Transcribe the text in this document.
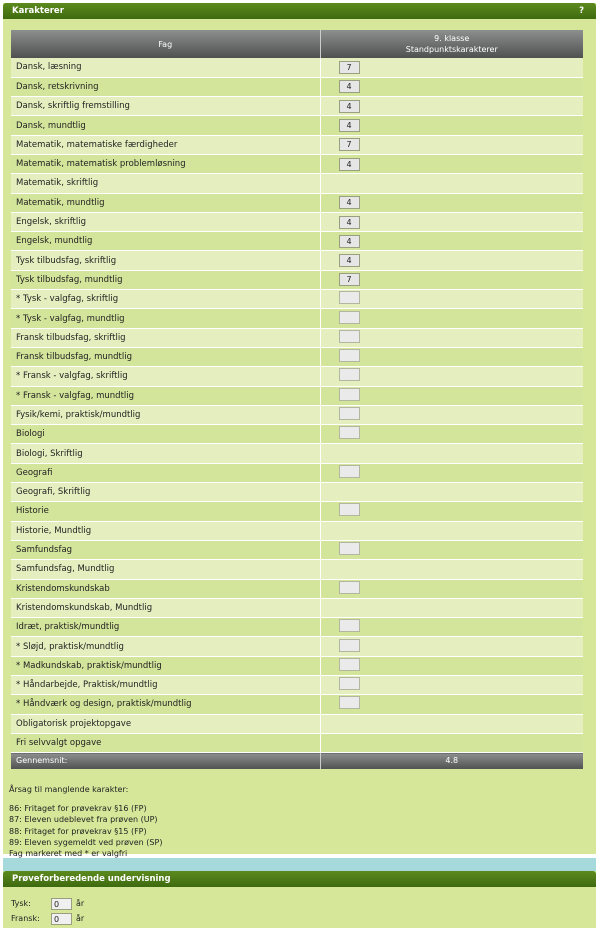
Karakterer	?
Fag	9. klasse
Standpunktskarakterer
Dansk, læsning	7
Dansk, retskrivning	4
Dansk, skriftlig fremstilling	4
Dansk, mundtlig	4
Matematik, matematiske færdigheder	7
Matematik, matematisk problemløsning	4
Matematik, skriftlig	
Matematik, mundtlig	4
Engelsk, skriftlig	4
Engelsk, mundtlig	4
Tysk tilbudsfag, skriftlig	4
Tysk tilbudsfag, mundtlig	7
* Tysk - valgfag, skriftlig	
* Tysk - valgfag, mundtlig	
Fransk tilbudsfag, skriftlig	
Fransk tilbudsfag, mundtlig	
* Fransk - valgfag, skriftlig	
* Fransk - valgfag, mundtlig	
Fysik/kemi, praktisk/mundtlig	
Biologi	
Biologi, Skriftlig	
Geografi	
Geografi, Skriftlig	
Historie	
Historie, Mundtlig	
Samfundsfag	
Samfundsfag, Mundtlig	
Kristendomskundskab	
Kristendomskundskab, Mundtlig	
Idræt, praktisk/mundtlig	
* Sløjd, praktisk/mundtlig	
* Madkundskab, praktisk/mundtlig	
* Håndarbejde, Praktisk/mundtlig	
* Håndværk og design, praktisk/mundtlig	
Obligatorisk projektopgave	
Fri selvvalgt opgave	
Gennemsnit:	4.8
Årsag til manglende karakter:
86: Fritaget for prøvekrav §16 (FP)
87: Eleven udeblevet fra prøven (UP)
88: Fritaget for prøvekrav §15 (FP)
89: Eleven sygemeldt ved prøven (SP)
Fag markeret med * er valgfri
Prøveforberedende undervisning
Tysk:	0 år
Fransk: 0 år
